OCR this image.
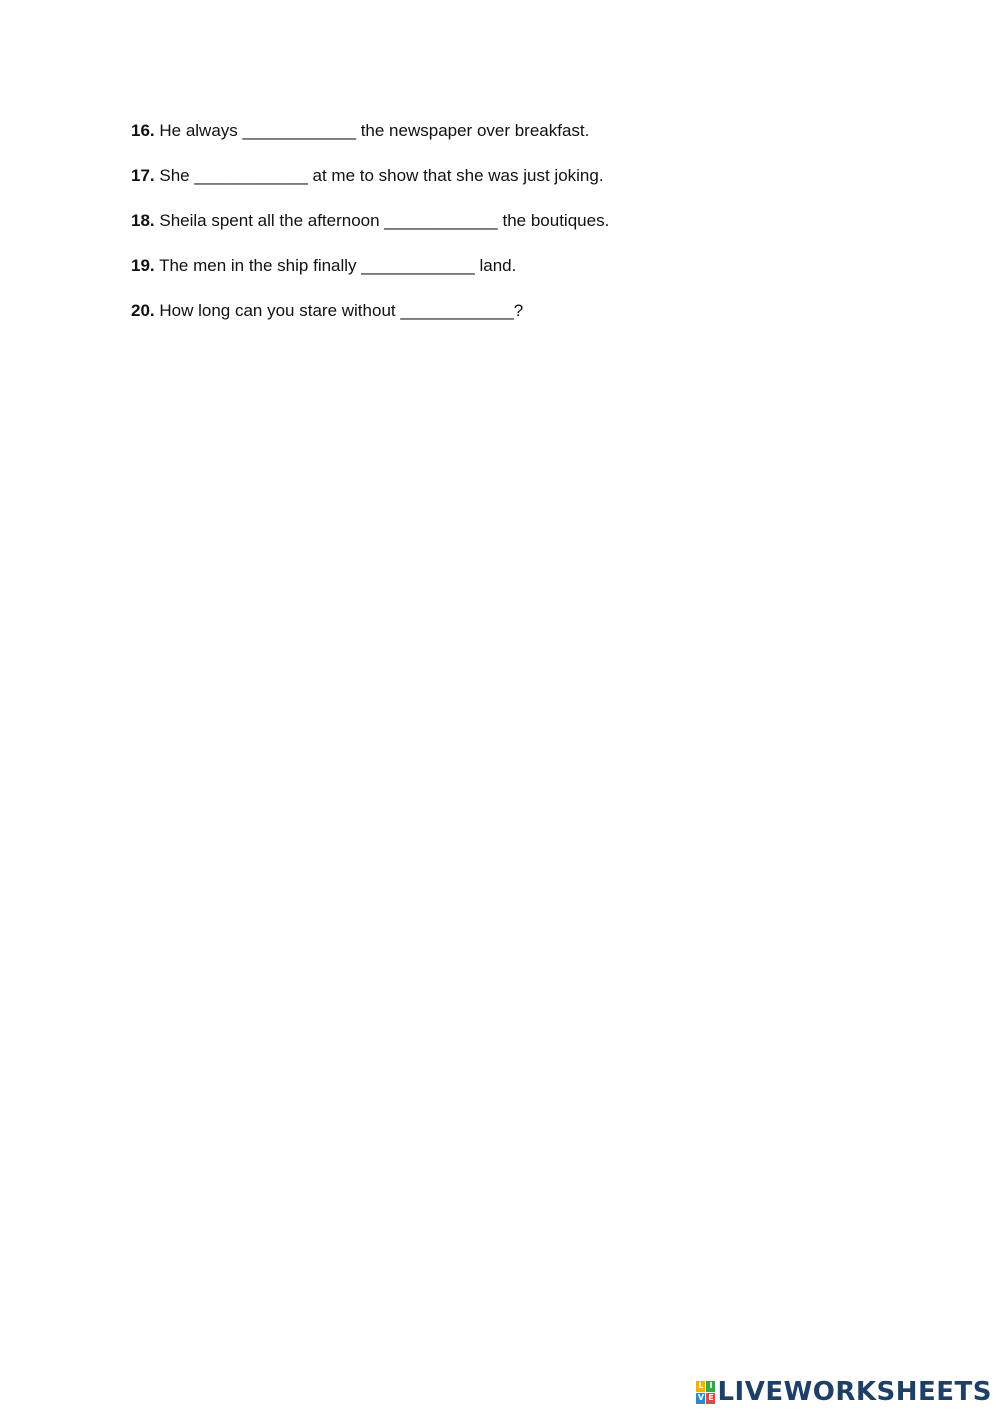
16. He always ____________ the newspaper over breakfast.
17. She ____________ at me to show that she was just joking.
18. Sheila spent all the afternoon ____________ the boutiques.
19. The men in the ship finally ____________ land.
20. How long can you stare without ____________?
L I
V E LIVEWORKSHEETS
